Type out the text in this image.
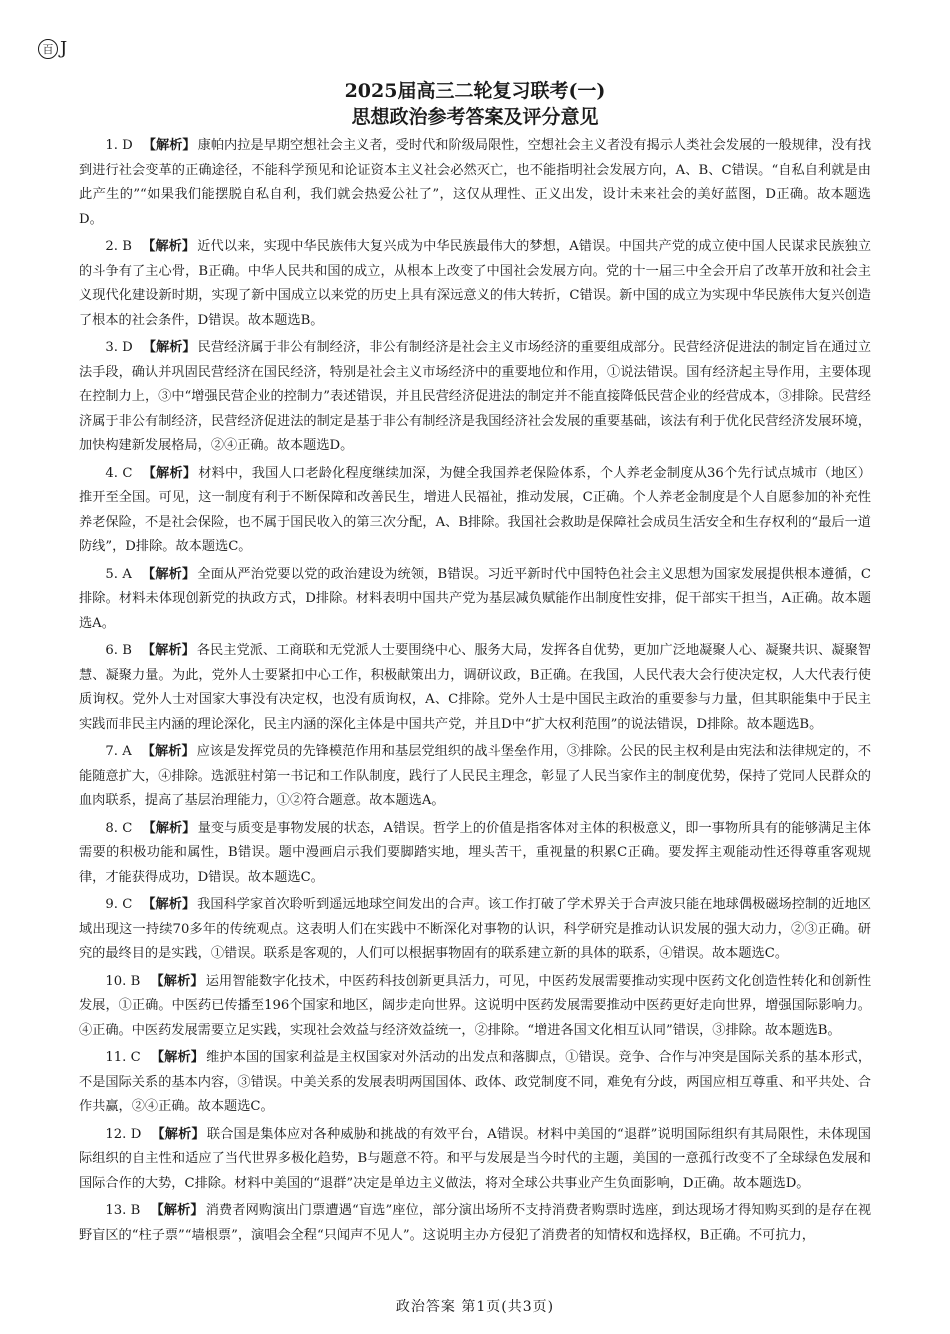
百 J
2025届高三二轮复习联考(一)
思想政治参考答案及评分意见

1. D 【解析】 康帕内拉是早期空想社会主义者，受时代和阶级局限性，空想社会主义者没有揭示人类社会发展的一般规律，没有找到进行社会变革的正确途径，不能科学预见和论证资本主义社会必然灭亡，也不能指明社会发展方向，A、B、C错误。“自私自利就是由此产生的”“如果我们能摆脱自私自利，我们就会热爱公社了”，这仅从理性、正义出发，设计未来社会的美好蓝图，D正确。故本题选D。

2. B 【解析】 近代以来，实现中华民族伟大复兴成为中华民族最伟大的梦想，A错误。中国共产党的成立使中国人民谋求民族独立的斗争有了主心骨，B正确。中华人民共和国的成立，从根本上改变了中国社会发展方向。党的十一届三中全会开启了改革开放和社会主义现代化建设新时期，实现了新中国成立以来党的历史上具有深远意义的伟大转折，C错误。新中国的成立为实现中华民族伟大复兴创造了根本的社会条件，D错误。故本题选B。

3. D 【解析】 民营经济属于非公有制经济，非公有制经济是社会主义市场经济的重要组成部分。民营经济促进法的制定旨在通过立法手段，确认并巩固民营经济在国民经济，特别是社会主义市场经济中的重要地位和作用，①说法错误。国有经济起主导作用，主要体现在控制力上，③中“增强民营企业的控制力”表述错误，并且民营经济促进法的制定并不能直接降低民营企业的经营成本，③排除。民营经济属于非公有制经济，民营经济促进法的制定是基于非公有制经济是我国经济社会发展的重要基础，该法有利于优化民营经济发展环境，加快构建新发展格局，②④正确。故本题选D。

4. C 【解析】 材料中，我国人口老龄化程度继续加深，为健全我国养老保险体系，个人养老金制度从36个先行试点城市（地区）推开至全国。可见，这一制度有利于不断保障和改善民生，增进人民福祉，推动发展，C正确。个人养老金制度是个人自愿参加的补充性养老保险，不是社会保险，也不属于国民收入的第三次分配，A、B排除。我国社会救助是保障社会成员生活安全和生存权利的“最后一道防线”，D排除。故本题选C。

5. A 【解析】 全面从严治党要以党的政治建设为统领，B错误。习近平新时代中国特色社会主义思想为国家发展提供根本遵循，C排除。材料未体现创新党的执政方式，D排除。材料表明中国共产党为基层减负赋能作出制度性安排，促干部实干担当，A正确。故本题选A。

6. B 【解析】 各民主党派、工商联和无党派人士要围绕中心、服务大局，发挥各自优势，更加广泛地凝聚人心、凝聚共识、凝聚智慧、凝聚力量。为此，党外人士要紧扣中心工作，积极献策出力，调研议政，B正确。在我国，人民代表大会行使决定权，人大代表行使质询权。党外人士对国家大事没有决定权，也没有质询权，A、C排除。党外人士是中国民主政治的重要参与力量，但其职能集中于民主实践而非民主内涵的理论深化，民主内涵的深化主体是中国共产党，并且D中“扩大权利范围”的说法错误，D排除。故本题选B。

7. A 【解析】 应该是发挥党员的先锋模范作用和基层党组织的战斗堡垒作用，③排除。公民的民主权利是由宪法和法律规定的，不能随意扩大，④排除。选派驻村第一书记和工作队制度，践行了人民民主理念，彰显了人民当家作主的制度优势，保持了党同人民群众的血肉联系，提高了基层治理能力，①②符合题意。故本题选A。

8. C 【解析】 量变与质变是事物发展的状态，A错误。哲学上的价值是指客体对主体的积极意义，即一事物所具有的能够满足主体需要的积极功能和属性，B错误。题中漫画启示我们要脚踏实地，埋头苦干，重视量的积累C正确。要发挥主观能动性还得尊重客观规律，才能获得成功，D错误。故本题选C。

9. C 【解析】 我国科学家首次聆听到遥远地球空间发出的合声。该工作打破了学术界关于合声波只能在地球偶极磁场控制的近地区域出现这一持续70多年的传统观点。这表明人们在实践中不断深化对事物的认识，科学研究是推动认识发展的强大动力，②③正确。研究的最终目的是实践，①错误。联系是客观的，人们可以根据事物固有的联系建立新的具体的联系，④错误。故本题选C。

10. B 【解析】 运用智能数字化技术，中医药科技创新更具活力，可见，中医药发展需要推动实现中医药文化创造性转化和创新性发展，①正确。中医药已传播至196个国家和地区，阔步走向世界。这说明中医药发展需要推动中医药更好走向世界，增强国际影响力。④正确。中医药发展需要立足实践，实现社会效益与经济效益统一，②排除。“增进各国文化相互认同”错误，③排除。故本题选B。

11. C 【解析】 维护本国的国家利益是主权国家对外活动的出发点和落脚点，①错误。竞争、合作与冲突是国际关系的基本形式，不是国际关系的基本内容，③错误。中美关系的发展表明两国国体、政体、政党制度不同，难免有分歧，两国应相互尊重、和平共处、合作共赢，②④正确。故本题选C。

12. D 【解析】 联合国是集体应对各种威胁和挑战的有效平台，A错误。材料中美国的“退群”说明国际组织有其局限性，未体现国际组织的自主性和适应了当代世界多极化趋势，B与题意不符。和平与发展是当今时代的主题，美国的一意孤行改变不了全球绿色发展和国际合作的大势，C排除。材料中美国的“退群”决定是单边主义做法，将对全球公共事业产生负面影响，D正确。故本题选D。

13. B 【解析】 消费者网购演出门票遭遇“盲选”座位，部分演出场所不支持消费者购票时选座，到达现场才得知购买到的是存在视野盲区的“柱子票”“墙根票”，演唱会全程“只闻声不见人”。这说明主办方侵犯了消费者的知情权和选择权，B正确。不可抗力，

政治答案 第1页(共3页)
